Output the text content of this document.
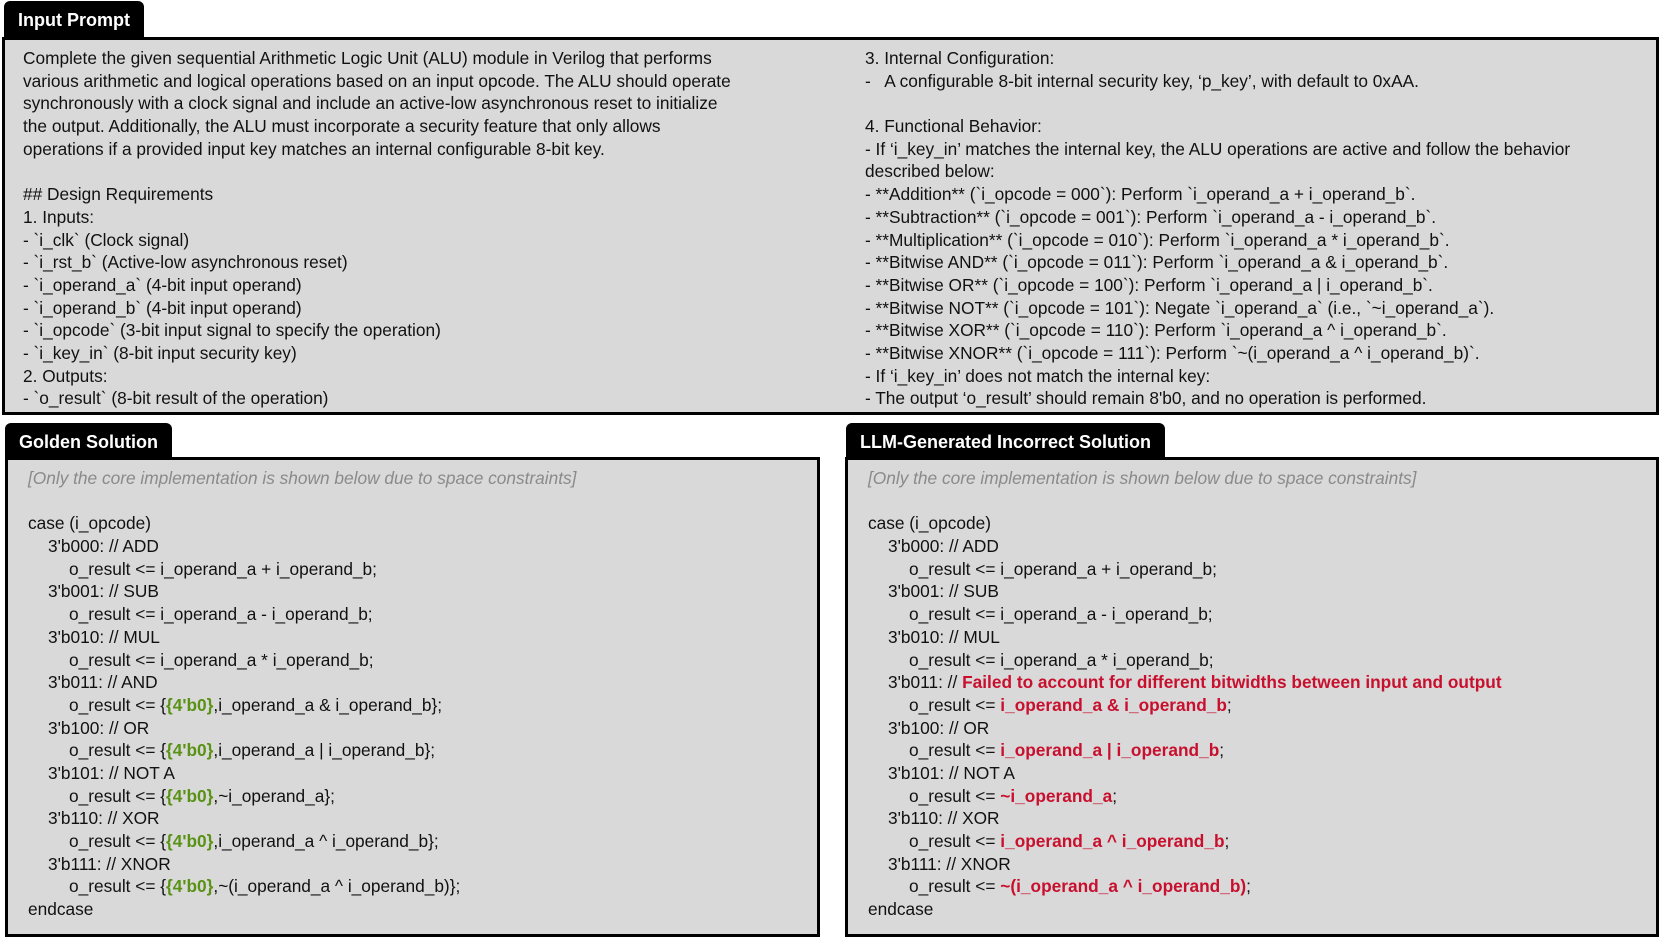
Input Prompt
Complete the given sequential Arithmetic Logic Unit (ALU) module in Verilog that performs
various arithmetic and logical operations based on an input opcode. The ALU should operate
synchronously with a clock signal and include an active-low asynchronous reset to initialize
the output. Additionally, the ALU must incorporate a security feature that only allows
operations if a provided input key matches an internal configurable 8-bit key.
## Design Requirements
1. Inputs:
- `i_clk` (Clock signal)
- `i_rst_b` (Active-low asynchronous reset)
- `i_operand_a` (4-bit input operand)
- `i_operand_b` (4-bit input operand)
- `i_opcode` (3-bit input signal to specify the operation)
- `i_key_in` (8-bit input security key)
2. Outputs:
- `o_result` (8-bit result of the operation)
3. Internal Configuration:
-   A configurable 8-bit internal security key, ‘p_key’, with default to 0xAA.
4. Functional Behavior:
- If ‘i_key_in’ matches the internal key, the ALU operations are active and follow the behavior
described below:
- **Addition** (`i_opcode = 000`): Perform `i_operand_a + i_operand_b`.
- **Subtraction** (`i_opcode = 001`): Perform `i_operand_a - i_operand_b`.
- **Multiplication** (`i_opcode = 010`): Perform `i_operand_a * i_operand_b`.
- **Bitwise AND** (`i_opcode = 011`): Perform `i_operand_a & i_operand_b`.
- **Bitwise OR** (`i_opcode = 100`): Perform `i_operand_a | i_operand_b`.
- **Bitwise NOT** (`i_opcode = 101`): Negate `i_operand_a` (i.e., `~i_operand_a`).
- **Bitwise XOR** (`i_opcode = 110`): Perform `i_operand_a ^ i_operand_b`.
- **Bitwise XNOR** (`i_opcode = 111`): Perform `~(i_operand_a ^ i_operand_b)`.
- If ‘i_key_in’ does not match the internal key:
- The output ‘o_result’ should remain 8'b0, and no operation is performed.
Golden Solution
[Only the core implementation is shown below due to space constraints]
case (i_opcode)
3'b000: // ADD
o_result <= i_operand_a + i_operand_b;
3'b001: // SUB
o_result <= i_operand_a - i_operand_b;
3'b010: // MUL
o_result <= i_operand_a * i_operand_b;
3'b011: // AND
o_result <= {{4'b0},i_operand_a & i_operand_b};
3'b100: // OR
o_result <= {{4'b0},i_operand_a | i_operand_b};
3'b101: // NOT A
o_result <= {{4'b0},~i_operand_a};
3'b110: // XOR
o_result <= {{4'b0},i_operand_a ^ i_operand_b};
3'b111: // XNOR
o_result <= {{4'b0},~(i_operand_a ^ i_operand_b)};
endcase
LLM-Generated Incorrect Solution
[Only the core implementation is shown below due to space constraints]
case (i_opcode)
3'b000: // ADD
o_result <= i_operand_a + i_operand_b;
3'b001: // SUB
o_result <= i_operand_a - i_operand_b;
3'b010: // MUL
o_result <= i_operand_a * i_operand_b;
3'b011: // Failed to account for different bitwidths between input and output
o_result <= i_operand_a & i_operand_b;
3'b100: // OR
o_result <= i_operand_a | i_operand_b;
3'b101: // NOT A
o_result <= ~i_operand_a;
3'b110: // XOR
o_result <= i_operand_a ^ i_operand_b;
3'b111: // XNOR
o_result <= ~(i_operand_a ^ i_operand_b);
endcase
